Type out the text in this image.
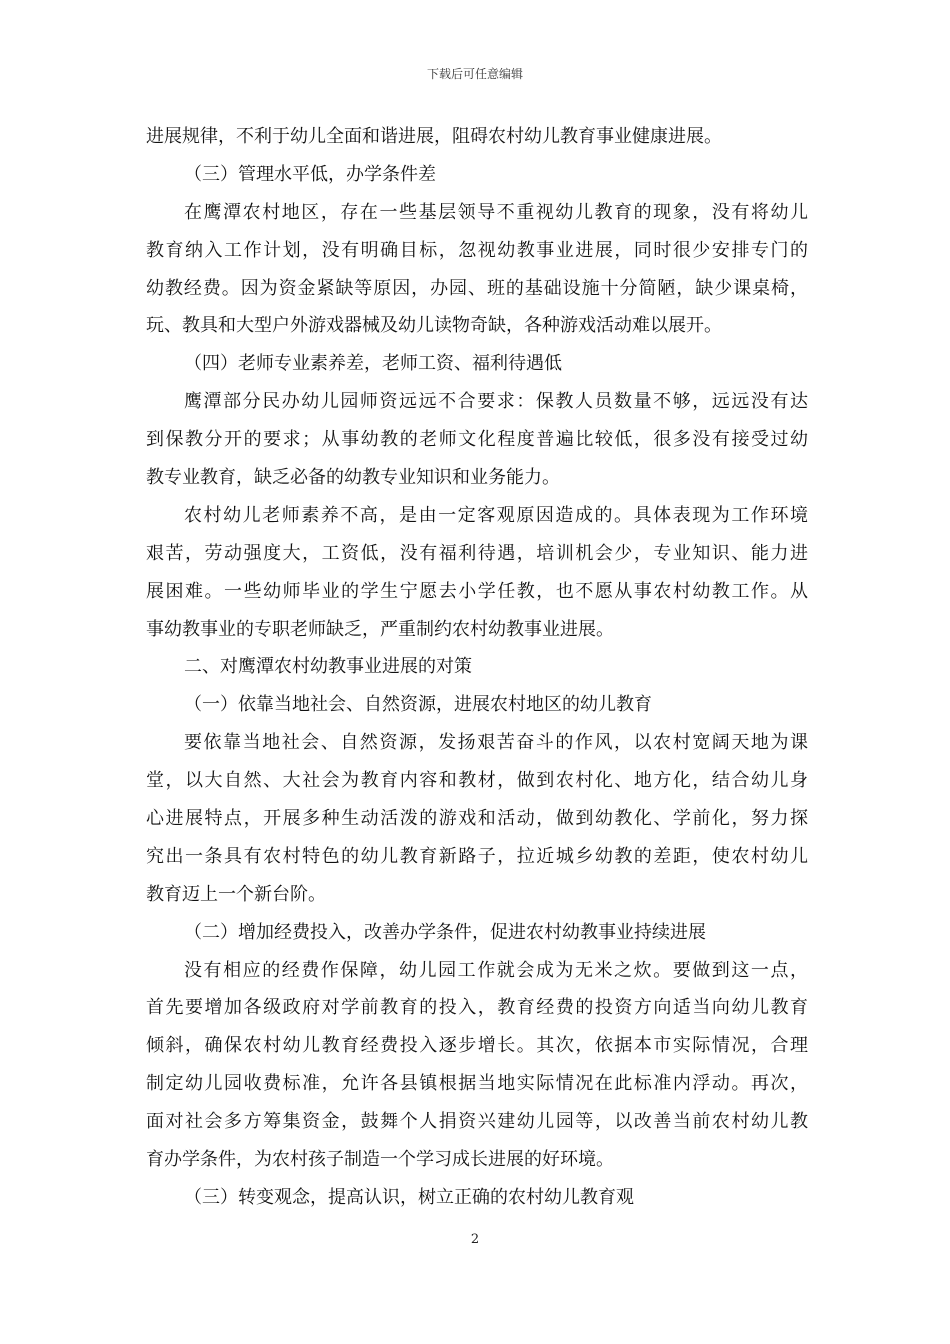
下载后可任意编辑
进展规律，不利于幼儿全面和谐进展，阻碍农村幼儿教育事业健康进展。
（三）管理水平低，办学条件差
在鹰潭农村地区，存在一些基层领导不重视幼儿教育的现象，没有将幼儿
教育纳入工作计划，没有明确目标，忽视幼教事业进展，同时很少安排专门的
幼教经费。因为资金紧缺等原因，办园、班的基础设施十分简陋，缺少课桌椅，
玩、教具和大型户外游戏器械及幼儿读物奇缺，各种游戏活动难以展开。
（四）老师专业素养差，老师工资、福利待遇低
鹰潭部分民办幼儿园师资远远不合要求：保教人员数量不够，远远没有达
到保教分开的要求；从事幼教的老师文化程度普遍比较低，很多没有接受过幼
教专业教育，缺乏必备的幼教专业知识和业务能力。
农村幼儿老师素养不高，是由一定客观原因造成的。具体表现为工作环境
艰苦，劳动强度大，工资低，没有福利待遇，培训机会少，专业知识、能力进
展困难。一些幼师毕业的学生宁愿去小学任教，也不愿从事农村幼教工作。从
事幼教事业的专职老师缺乏，严重制约农村幼教事业进展。
二、对鹰潭农村幼教事业进展的对策
（一）依靠当地社会、自然资源，进展农村地区的幼儿教育
要依靠当地社会、自然资源，发扬艰苦奋斗的作风，以农村宽阔天地为课
堂，以大自然、大社会为教育内容和教材，做到农村化、地方化，结合幼儿身
心进展特点，开展多种生动活泼的游戏和活动，做到幼教化、学前化，努力探
究出一条具有农村特色的幼儿教育新路子，拉近城乡幼教的差距，使农村幼儿
教育迈上一个新台阶。
（二）增加经费投入，改善办学条件，促进农村幼教事业持续进展
没有相应的经费作保障，幼儿园工作就会成为无米之炊。要做到这一点，
首先要增加各级政府对学前教育的投入，教育经费的投资方向适当向幼儿教育
倾斜，确保农村幼儿教育经费投入逐步增长。其次，依据本市实际情况，合理
制定幼儿园收费标准，允许各县镇根据当地实际情况在此标准内浮动。再次，
面对社会多方筹集资金，鼓舞个人捐资兴建幼儿园等，以改善当前农村幼儿教
育办学条件，为农村孩子制造一个学习成长进展的好环境。
（三）转变观念，提高认识，树立正确的农村幼儿教育观
2
